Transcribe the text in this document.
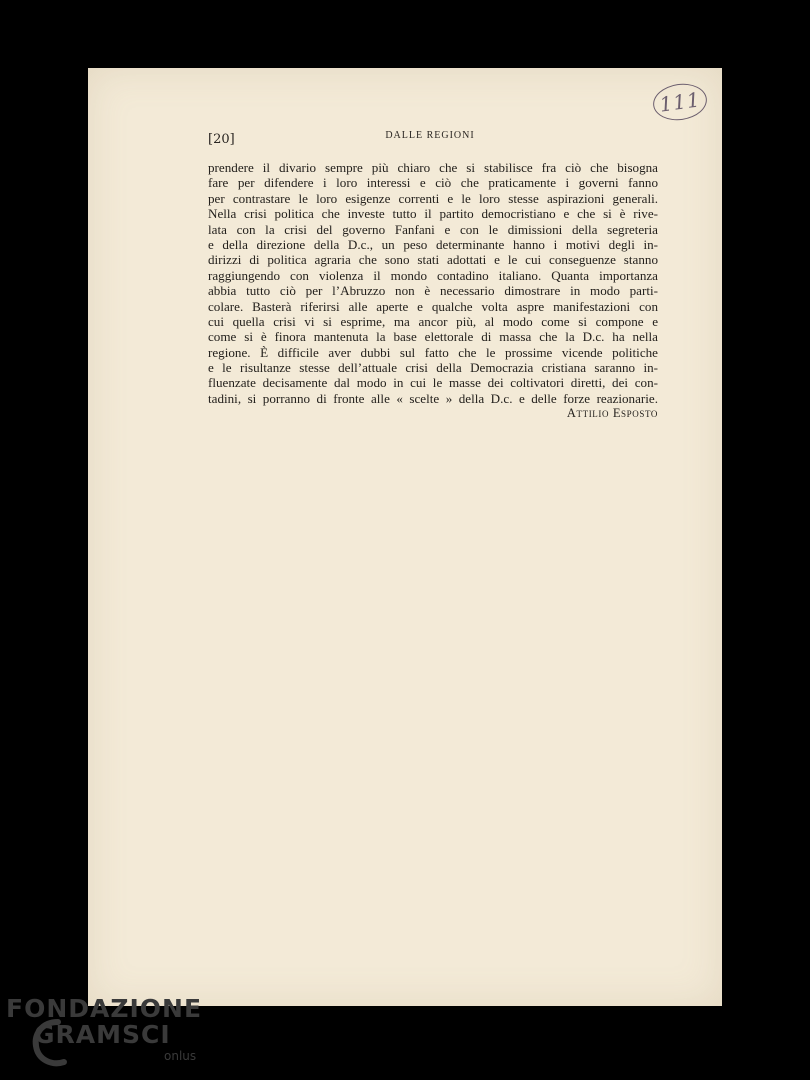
111
[20]	DALLE REGIONI
prendere il divario sempre più chiaro che si stabilisce fra ciò che bisogna
fare per difendere i loro interessi e ciò che praticamente i governi fanno
per contrastare le loro esigenze correnti e le loro stesse aspirazioni generali.
Nella crisi politica che investe tutto il partito democristiano e che si è rive-
lata con la crisi del governo Fanfani e con le dimissioni della segreteria
e della direzione della D.c., un peso determinante hanno i motivi degli in-
dirizzi di politica agraria che sono stati adottati e le cui conseguenze stanno
raggiungendo con violenza il mondo contadino italiano. Quanta importanza
abbia tutto ciò per l’Abruzzo non è necessario dimostrare in modo parti-
colare. Basterà riferirsi alle aperte e qualche volta aspre manifestazioni con
cui quella crisi vi si esprime, ma ancor più, al modo come si compone e
come si è finora mantenuta la base elettorale di massa che la D.c. ha nella
regione. È difficile aver dubbi sul fatto che le prossime vicende politiche
e le risultanze stesse dell’attuale crisi della Democrazia cristiana saranno in-
fluenzate decisamente dal modo in cui le masse dei coltivatori diretti, dei con-
tadini, si porranno di fronte alle « scelte » della D.c. e delle forze reazionarie.
Attilio Esposto
FONDAZIONE
GRAMSCI
onlus
